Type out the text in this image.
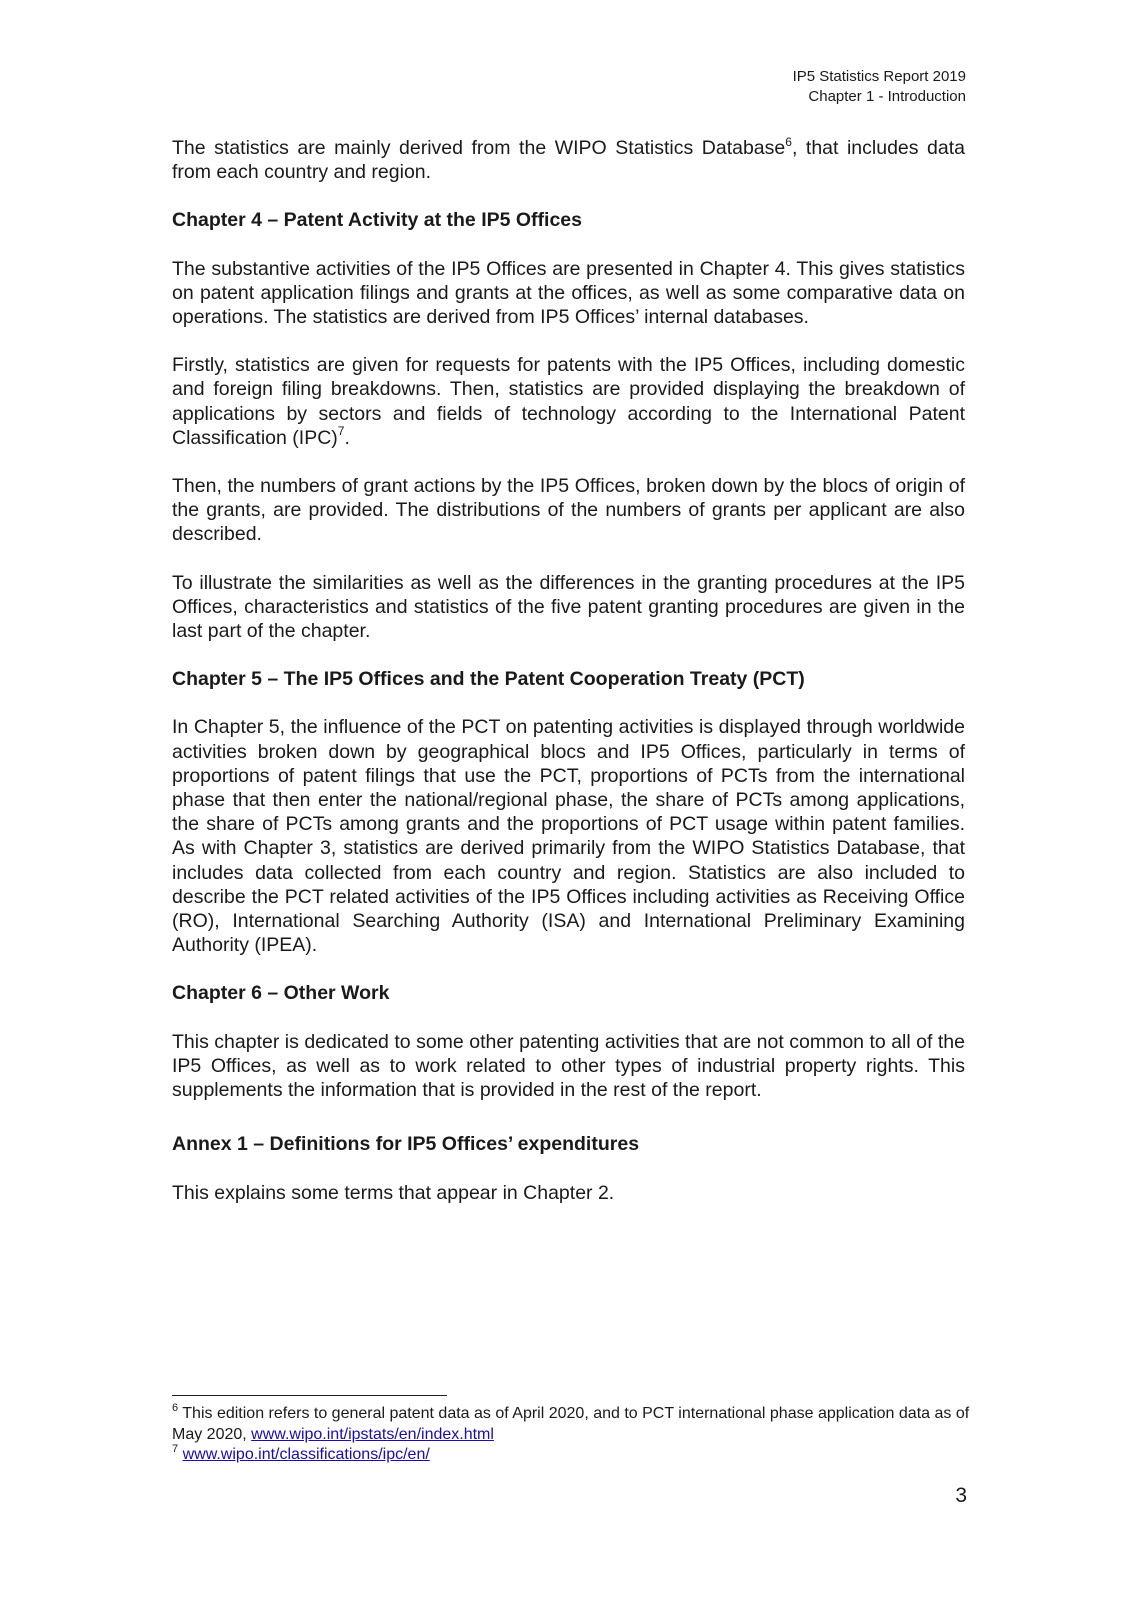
IP5 Statistics Report 2019
Chapter 1 - Introduction

The statistics are mainly derived from the WIPO Statistics Database$^6$, that includes data from each country and region.

Chapter 4 – Patent Activity at the IP5 Offices

The substantive activities of the IP5 Offices are presented in Chapter 4. This gives statistics on patent application filings and grants at the offices, as well as some comparative data on operations. The statistics are derived from IP5 Offices’ internal databases.

Firstly, statistics are given for requests for patents with the IP5 Offices, including domestic and foreign filing breakdowns. Then, statistics are provided displaying the breakdown of applications by sectors and fields of technology according to the International Patent Classification (IPC)$^7$.

Then, the numbers of grant actions by the IP5 Offices, broken down by the blocs of origin of the grants, are provided. The distributions of the numbers of grants per applicant are also described.

To illustrate the similarities as well as the differences in the granting procedures at the IP5 Offices, characteristics and statistics of the five patent granting procedures are given in the last part of the chapter.

Chapter 5 – The IP5 Offices and the Patent Cooperation Treaty (PCT)

In Chapter 5, the influence of the PCT on patenting activities is displayed through worldwide activities broken down by geographical blocs and IP5 Offices, particularly in terms of proportions of patent filings that use the PCT, proportions of PCTs from the international phase that then enter the national/regional phase, the share of PCTs among applications, the share of PCTs among grants and the proportions of PCT usage within patent families. As with Chapter 3, statistics are derived primarily from the WIPO Statistics Database, that includes data collected from each country and region. Statistics are also included to describe the PCT related activities of the IP5 Offices including activities as Receiving Office (RO), International Searching Authority (ISA) and International Preliminary Examining Authority (IPEA).

Chapter 6 – Other Work

This chapter is dedicated to some other patenting activities that are not common to all of the IP5 Offices, as well as to work related to other types of industrial property rights. This supplements the information that is provided in the rest of the report.

Annex 1 – Definitions for IP5 Offices’ expenditures

This explains some terms that appear in Chapter 2.

$^6$ This edition refers to general patent data as of April 2020, and to PCT international phase application data as of May 2020, www.wipo.int/ipstats/en/index.html

$^7$ www.wipo.int/classifications/ipc/en/

3
